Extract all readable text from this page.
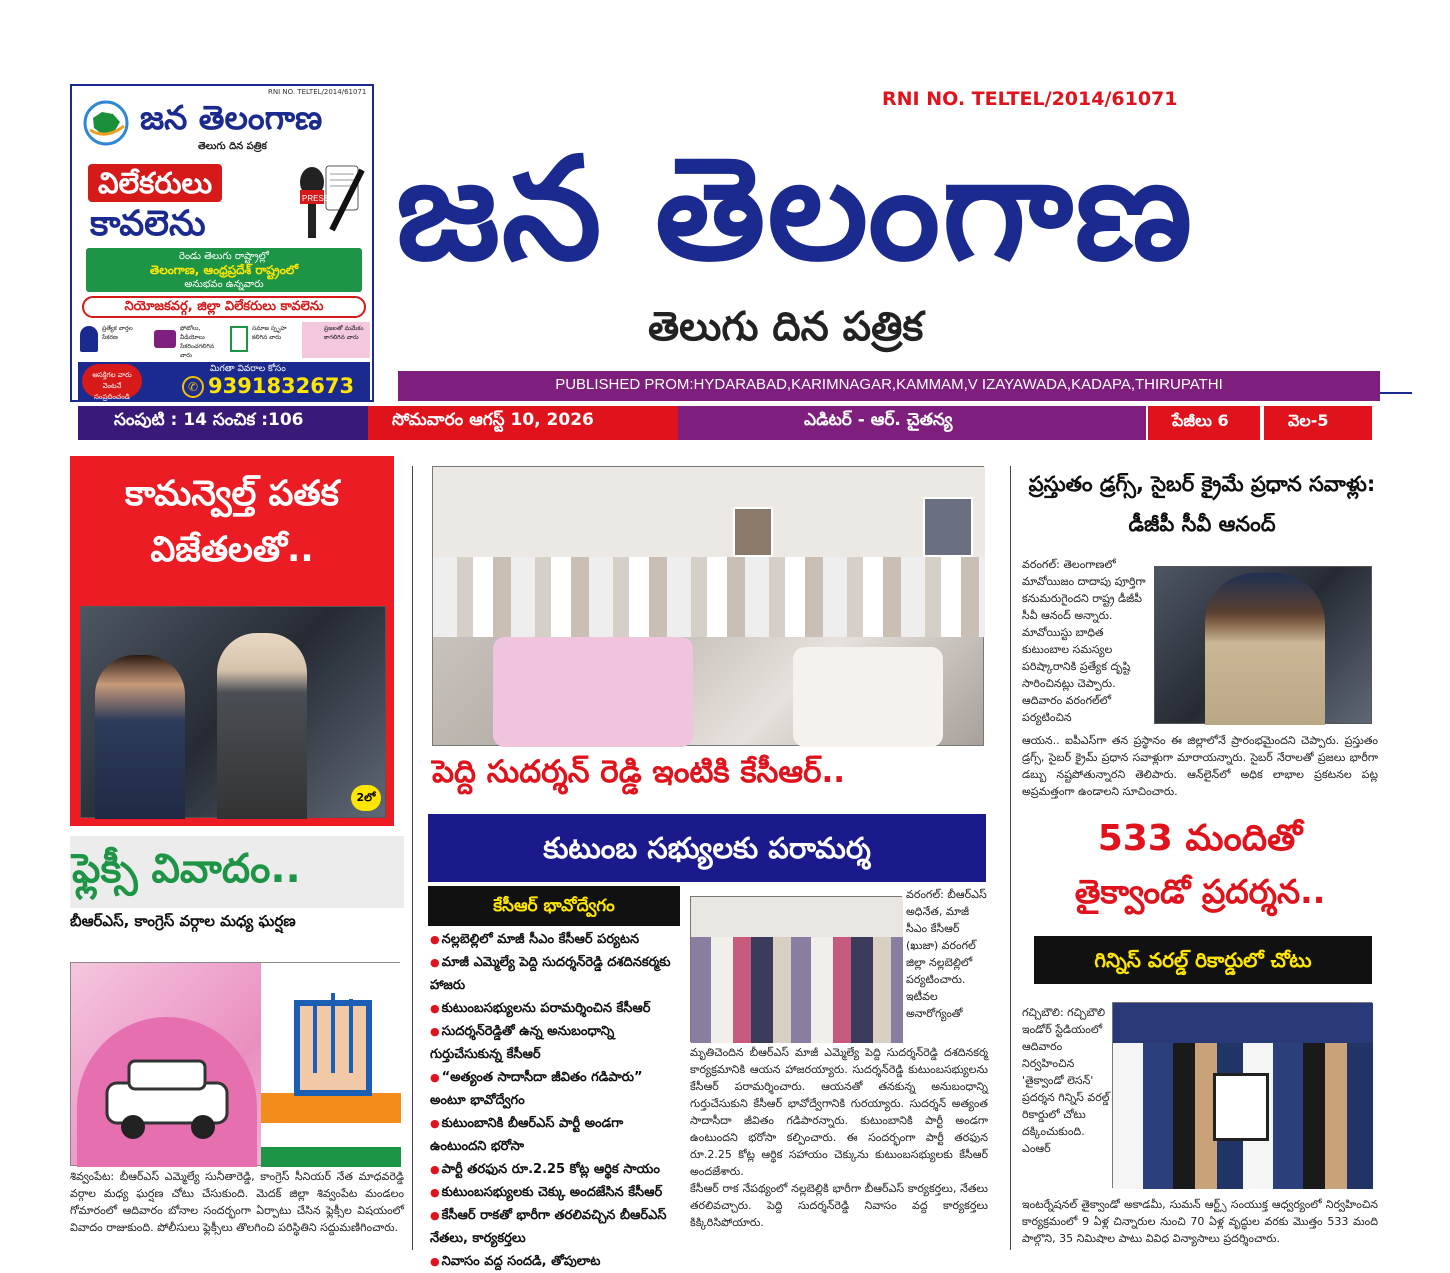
RNI NO. TELTEL/2014/61071
జన తెలంగాణ
తెలుగు దిన పత్రిక
విలేకరులు
కావలెను
PRESS
రెండు తెలుగు రాష్ట్రాల్లో
తెలంగాణ, ఆంధ్రప్రదేశ్ రాష్ట్రంలో
అనుభవం ఉన్నవారు
నియోజకవర్గ, జిల్లా విలేకరులు కావలెను
ప్రత్యేక వార్తల సేకరణ
ఫోటోలు, వీడియోలు సేకరించగలిగిన వారు
సమాజ స్పృహ కలిగిన వారు
ప్రజలతో మమేకం కాగలిగిన వారు
ఆసక్తిగల వారు వెంటనే సంప్రదించండి
మిగతా వివరాల కోసం
✆ 9391832673
RNI NO. TELTEL/2014/61071
జన తెలంగాణ
తెలుగు దిన పత్రిక
PUBLISHED PROM:HYDARABAD,KARIMNAGAR,KAMMAM,V IZAYAWADA,KADAPA,THIRUPATHI
సంపుటి : 14 సంచిక :106	సోమవారం ఆగస్ట్ 10, 2026	ఎడిటర్ - ఆర్. చైతన్య	పేజీలు 6	వెల-5
కామన్వెల్త్ పతక విజేతలతో..
2లో
ఫ్లెక్సీ వివాదం..
బీఆర్ఎస్, కాంగ్రెస్ వర్గాల మధ్య ఘర్షణ
శివ్వంపేట: బీఆర్ఎస్ ఎమ్మెల్యే సునీతారెడ్డి, కాంగ్రెస్ సీనియర్ నేత మాధవరెడ్డి వర్గాల మధ్య ఘర్షణ చోటు చేసుకుంది. మెదక్ జిల్లా శివ్వంపేట మండలం గోమారంలో ఆదివారం బోనాల సందర్భంగా ఏర్పాటు చేసిన ఫ్లెక్సీల విషయంలో వివాదం రాజుకుంది. పోలీసులు ఫ్లెక్సీలు తొలగించి పరిస్థితిని సద్దుమణిగించారు.
పెద్ది సుదర్శన్ రెడ్డి ఇంటికి కేసీఆర్..
కుటుంబ సభ్యులకు పరామర్శ
కేసీఆర్ భావోద్వేగం
● నల్లబెల్లిలో మాజీ సీఎం కేసీఆర్ పర్యటన
● మాజీ ఎమ్మెల్యే పెద్ది సుదర్శన్‌రెడ్డి దశదినకర్మకు హాజరు
● కుటుంబసభ్యులను పరామర్శించిన కేసీఆర్
● సుదర్శన్‌రెడ్డితో ఉన్న అనుబంధాన్ని గుర్తుచేసుకున్న కేసీఆర్
● “అత్యంత సాదాసీదా జీవితం గడిపారు” అంటూ భావోద్వేగం
● కుటుంబానికి బీఆర్ఎస్ పార్టీ అండగా ఉంటుందని భరోసా
● పార్టీ తరఫున రూ.2.25 కోట్ల ఆర్థిక సాయం
● కుటుంబసభ్యులకు చెక్కు అందజేసిన కేసీఆర్
● కేసీఆర్ రాకతో భారీగా తరలివచ్చిన బీఆర్ఎస్ నేతలు, కార్యకర్తలు
● నివాసం వద్ద సందడి, తోపులాట
వరంగల్: బీఆర్ఎస్ అధినేత, మాజీ సీఎం కేసీఆర్ (ఖుజా) వరంగల్ జిల్లా నల్లబెల్లిలో పర్యటించారు. ఇటీవల అనారోగ్యంతో
మృతిచెందిన బీఆర్ఎస్ మాజీ ఎమ్మెల్యే పెద్ది సుదర్శన్‌రెడ్డి దశదినకర్మ కార్యక్రమానికి ఆయన హాజరయ్యారు. సుదర్శన్‌రెడ్డి కుటుంబసభ్యులను కేసీఆర్ పరామర్శించారు. ఆయనతో తనకున్న అనుబంధాన్ని గుర్తుచేసుకుని కేసీఆర్ భావోద్వేగానికి గురయ్యారు. సుదర్శన్ అత్యంత సాదాసీదా జీవితం గడిపారన్నారు. కుటుంబానికి పార్టీ అండగా ఉంటుందని భరోసా కల్పించారు. ఈ సందర్భంగా పార్టీ తరఫున రూ.2.25 కోట్ల ఆర్థిక సహాయం చెక్కును కుటుంబసభ్యులకు కేసీఆర్ అందజేశారు.
కేసీఆర్ రాక నేపథ్యంలో నల్లబెల్లికి భారీగా బీఆర్ఎస్ కార్యకర్తలు, నేతలు తరలివచ్చారు. పెద్ది సుదర్శన్‌రెడ్డి నివాసం వద్ద కార్యకర్తలు కిక్కిరిసిపోయారు.
ప్రస్తుతం డ్రగ్స్, సైబర్ క్రైమే ప్రధాన సవాళ్లు: డీజీపీ సీవీ ఆనంద్
వరంగల్: తెలంగాణలో మావోయిజం దాదాపు పూర్తిగా కనుమరుగైందని రాష్ట్ర డీజీపీ సీవీ ఆనంద్ అన్నారు. మావోయిస్టు బాధిత కుటుంబాల సమస్యల పరిష్కారానికి ప్రత్యేక దృష్టి సారించినట్లు చెప్పారు. ఆదివారం వరంగల్‌లో పర్యటించిన
ఆయన.. ఐపీఎస్‌గా తన ప్రస్థానం ఈ జిల్లాలోనే ప్రారంభమైందని చెప్పారు. ప్రస్తుతం డ్రగ్స్, సైబర్ క్రైమ్ ప్రధాన సవాళ్లుగా మారాయన్నారు. సైబర్ నేరాలతో ప్రజలు భారీగా డబ్బు నష్టపోతున్నారని తెలిపారు. ఆన్‌లైన్‌లో అధిక లాభాల ప్రకటనల పట్ల అప్రమత్తంగా ఉండాలని సూచించారు.
533 మందితో
తైక్వాండో ప్రదర్శన..
గిన్నిస్ వరల్డ్ రికార్డులో చోటు
గచ్చిబౌలి: గచ్చిబౌలి ఇండోర్ స్టేడియంలో ఆదివారం నిర్వహించిన 'తైక్వాండో లెసన్' ప్రదర్శన గిన్నిస్ వరల్డ్ రికార్డులో చోటు దక్కించుకుంది. ఎంఆర్
ఇంటర్నేషనల్ తైక్వాండో అకాడమీ, సుమన్ ఆర్ట్స్ సంయుక్త ఆధ్వర్యంలో నిర్వహించిన కార్యక్రమంలో 9 ఏళ్ల చిన్నారుల నుంచి 70 ఏళ్ల వృద్ధుల వరకు మొత్తం 533 మంది పాల్గొని, 35 నిమిషాల పాటు వివిధ విన్యాసాలు ప్రదర్శించారు.
